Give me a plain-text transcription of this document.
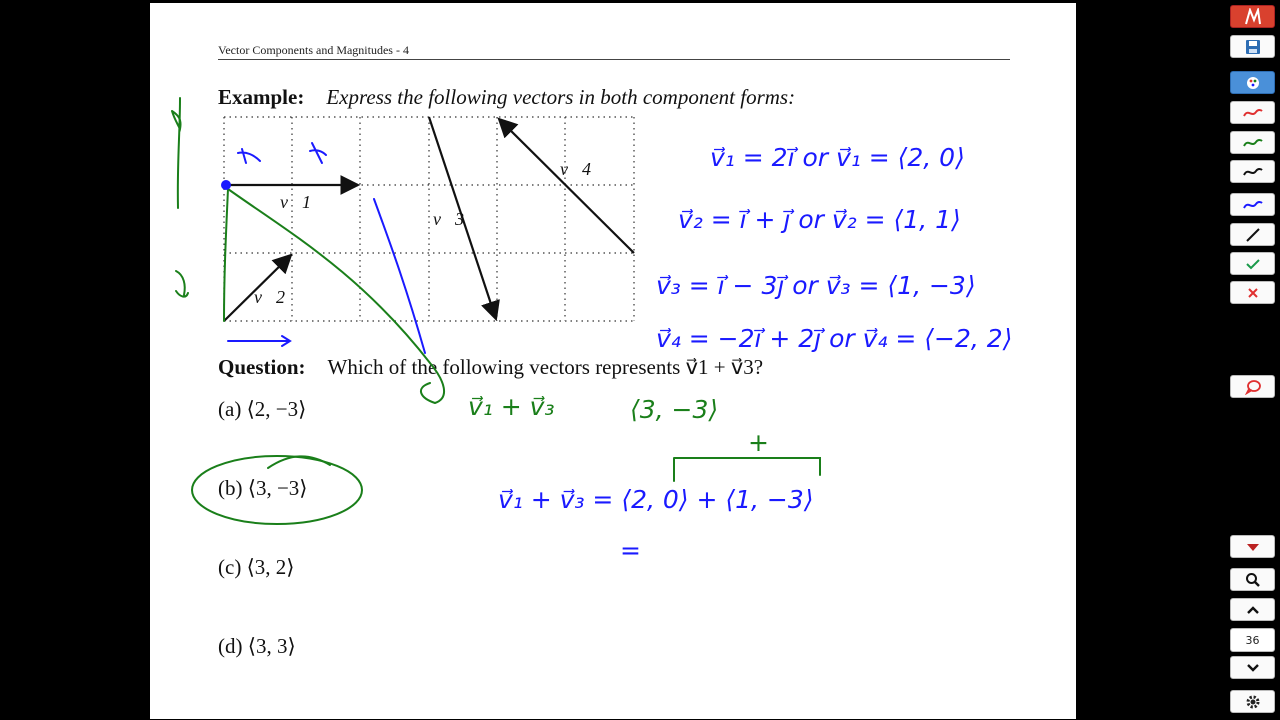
Vector Components and Magnitudes - 4
Example: Express the following vectors in both component forms:
Question: Which of the following vectors represents v⃗1 + v⃗3?
(a) ⟨2, −3⟩
(b) ⟨3, −3⟩
(c) ⟨3, 2⟩
(d) ⟨3, 3⟩
v⃗1
v⃗2
v⃗3
v⃗4	v⃗₁ = 2i⃗ or v⃗₁ = ⟨2, 0⟩
v⃗₂ = i⃗ + j⃗ or v⃗₂ = ⟨1, 1⟩
v⃗₃ = i⃗ − 3j⃗ or v⃗₃ = ⟨1, −3⟩
v⃗₄ = −2i⃗ + 2j⃗ or v⃗₄ = ⟨−2, 2⟩
v⃗₁ + v⃗₃ = ⟨2, 0⟩ + ⟨1, −3⟩
=
v⃗₁ + v⃗₃	⟨3, −3⟩
+
36
